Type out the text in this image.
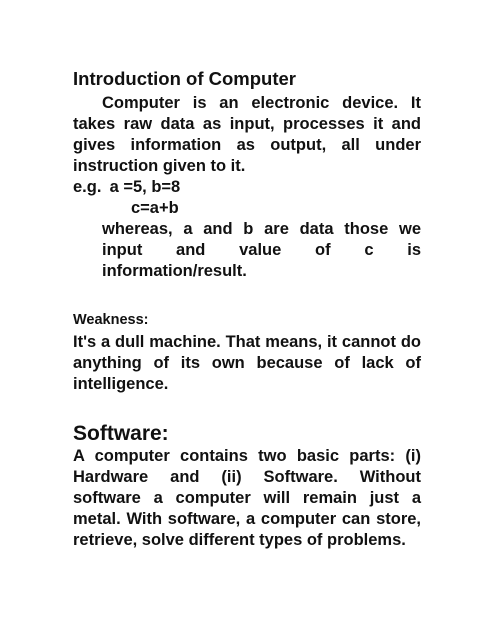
Introduction of Computer
Computer is an electronic device. It takes raw data as input, processes it and gives information as output, all under instruction given to it.
e.g. a =5, b=8
c=a+b
whereas, a and b are data those we input and value of c is information/result.
Weakness:
It's a dull machine. That means, it cannot do anything of its own because of lack of intelligence.
Software:
A computer contains two basic parts: (i) Hardware and (ii) Software. Without software a computer will remain just a metal. With software, a computer can store, retrieve, solve different types of problems.
